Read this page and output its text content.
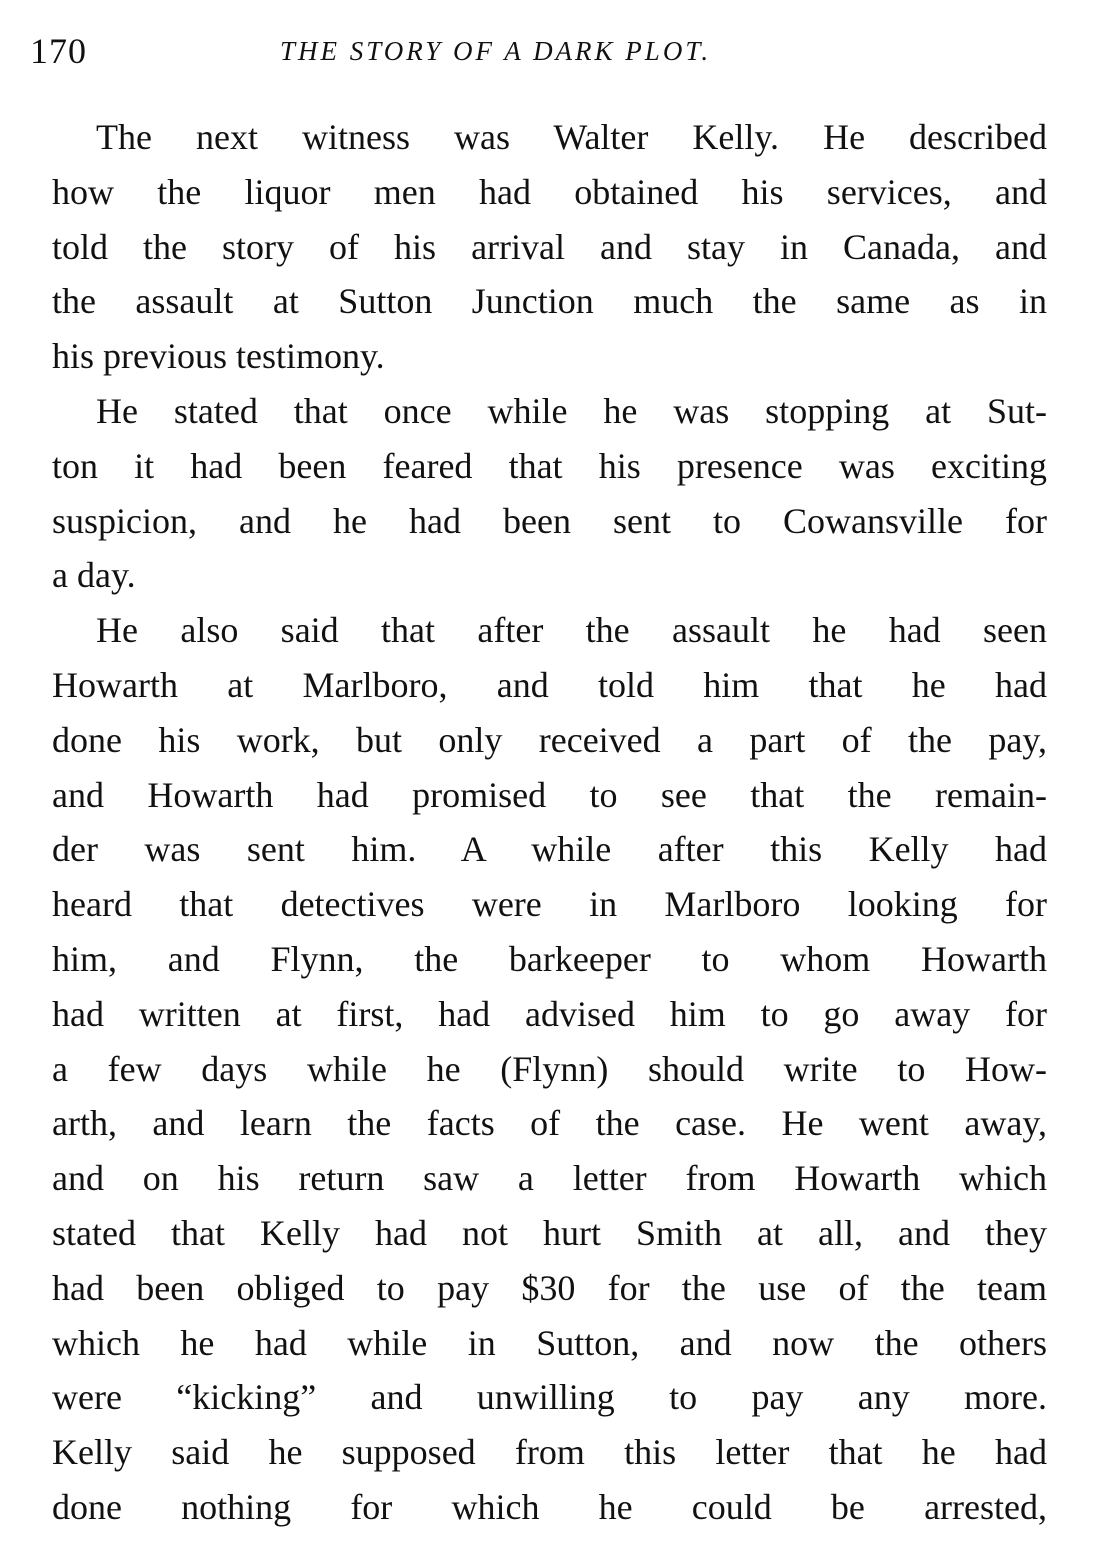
170	THE STORY OF A DARK PLOT.
The next witness was Walter Kelly. He described
how the liquor men had obtained his services, and
told the story of his arrival and stay in Canada, and
the assault at Sutton Junction much the same as in
his previous testimony.
He stated that once while he was stopping at Sut-
ton it had been feared that his presence was exciting
suspicion, and he had been sent to Cowansville for
a day.
He also said that after the assault he had seen
Howarth at Marlboro, and told him that he had
done his work, but only received a part of the pay,
and Howarth had promised to see that the remain-
der was sent him. A while after this Kelly had
heard that detectives were in Marlboro looking for
him, and Flynn, the barkeeper to whom Howarth
had written at first, had advised him to go away for
a few days while he (Flynn) should write to How-
arth, and learn the facts of the case. He went away,
and on his return saw a letter from Howarth which
stated that Kelly had not hurt Smith at all, and they
had been obliged to pay $30 for the use of the team
which he had while in Sutton, and now the others
were “kicking” and unwilling to pay any more.
Kelly said he supposed from this letter that he had
done nothing for which he could be arrested,
